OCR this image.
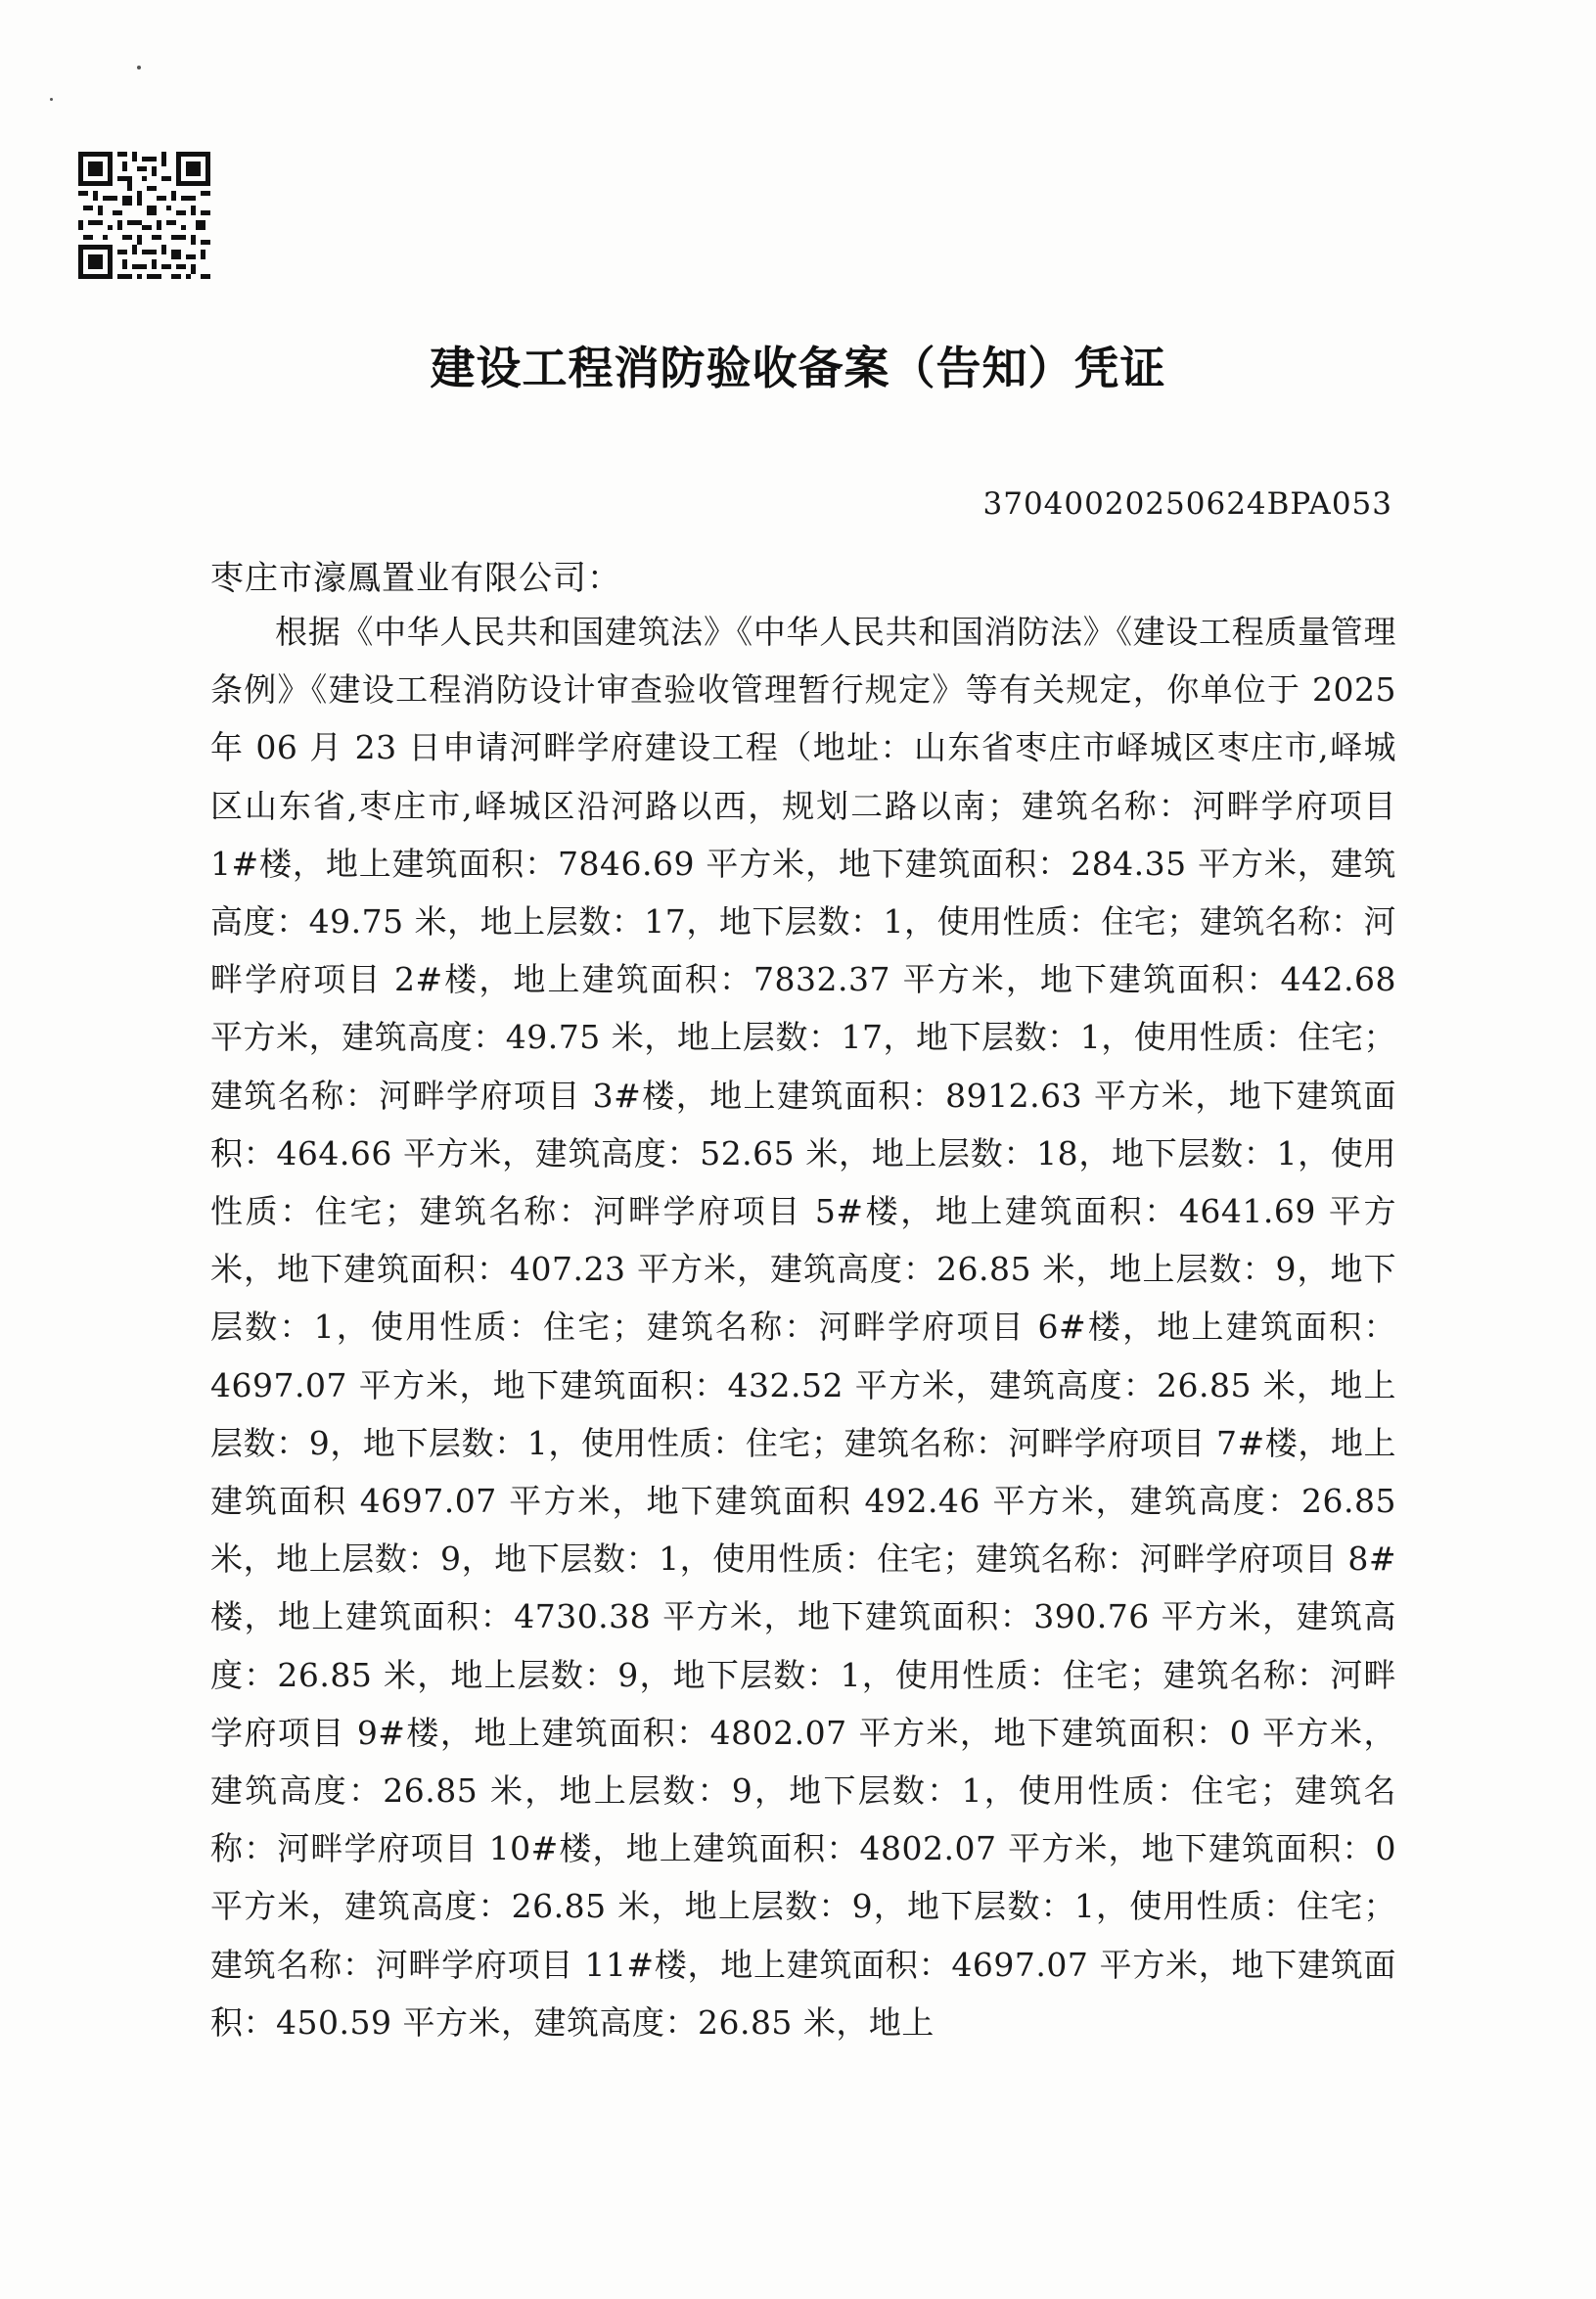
建设工程消防验收备案（告知）凭证
37040020250624BPA053
枣庄市濠鳳置业有限公司：

根据《中华人民共和国建筑法》《中华人民共和国消防法》《建设工程质量管理条例》《建设工程消防设计审查验收管理暂行规定》等有关规定，你单位于 2025 年 06 月 23 日申请河畔学府建设工程（地址：山东省枣庄市峄城区枣庄市,峄城区山东省,枣庄市,峄城区沿河路以西，规划二路以南；建筑名称：河畔学府项目 1#楼，地上建筑面积：7846.69 平方米，地下建筑面积：284.35 平方米，建筑高度：49.75 米，地上层数：17，地下层数：1，使用性质：住宅；建筑名称：河畔学府项目 2#楼，地上建筑面积：7832.37 平方米，地下建筑面积：442.68 平方米，建筑高度：49.75 米，地上层数：17，地下层数：1，使用性质：住宅；建筑名称：河畔学府项目 3#楼，地上建筑面积：8912.63 平方米，地下建筑面积：464.66 平方米，建筑高度：52.65 米，地上层数：18，地下层数：1，使用性质：住宅；建筑名称：河畔学府项目 5#楼，地上建筑面积：4641.69 平方米，地下建筑面积：407.23 平方米，建筑高度：26.85 米，地上层数：9，地下层数：1，使用性质：住宅；建筑名称：河畔学府项目 6#楼，地上建筑面积：4697.07 平方米，地下建筑面积：432.52 平方米，建筑高度：26.85 米，地上层数：9，地下层数：1，使用性质：住宅；建筑名称：河畔学府项目 7#楼，地上建筑面积 4697.07 平方米，地下建筑面积 492.46 平方米，建筑高度：26.85 米，地上层数：9，地下层数：1，使用性质：住宅；建筑名称：河畔学府项目 8#楼，地上建筑面积：4730.38 平方米，地下建筑面积：390.76 平方米，建筑高度：26.85 米，地上层数：9，地下层数：1，使用性质：住宅；建筑名称：河畔学府项目 9#楼，地上建筑面积：4802.07 平方米，地下建筑面积：0 平方米，建筑高度：26.85 米，地上层数：9，地下层数：1，使用性质：住宅；建筑名称：河畔学府项目 10#楼，地上建筑面积：4802.07 平方米，地下建筑面积：0 平方米，建筑高度：26.85 米，地上层数：9，地下层数：1，使用性质：住宅；建筑名称：河畔学府项目 11#楼，地上建筑面积：4697.07 平方米，地下建筑面积：450.59 平方米，建筑高度：26.85 米，地上
